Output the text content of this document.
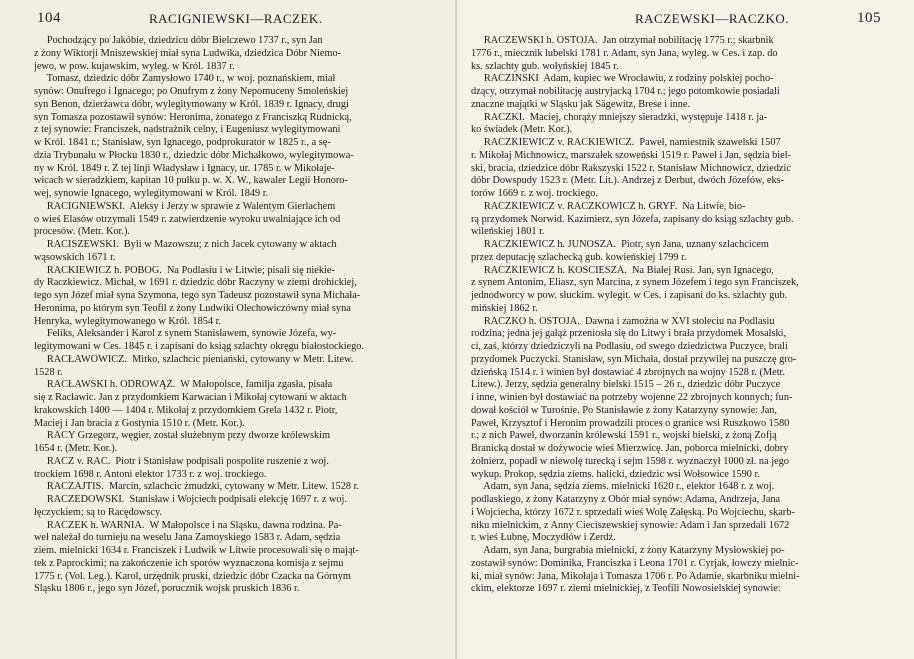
104	RACIGNIEWSKI—RACZEK.
Pochodzący po Jakóbie, dziedzicu dóbr Bielczewo 1737 r., syn Jan
z żony Wiktorji Mniszewskiej miał syna Ludwika, dziedzica Dóbr Niemo-
jewo, w pow. kujawskim, wyleg. w Król. 1837 r.
Tomasz, dziedzic dóbr Zamysłowo 1740 r., w woj. poznańskiem, miał
synów: Onufrego i Ignacego; po Onufrym z żony Nepomuceny Smoleńskiej
syn Benon, dzierżawca dóbr, wylegitymowany w Król. 1839 r. Ignacy, drugi
syn Tomasza pozostawił synów: Heronima, żonatego z Franciszką Rudnicką,
z tej synowie: Franciszek, nadstrażnik celny, i Eugeniusz wylegitymowani
w Król. 1841 r.; Stanisław, syn Ignacego, podprokurator w 1825 r., a sę-
dzia Trybunału w Płocku 1830 r., dziedzic dóbr Michałkowo, wylegitymowa-
ny w Król. 1849 r. Z tej linji Władysław i Ignacy, ur. 1785 r. w Mikołaje-
wicach w sieradzkiem, kapitan 10 pułku p. w. X. W., kawaler Legii Honoro-
wej, synowie Ignacego, wylegitymowani w Król. 1849 r.
RACIGNIEWSKI.  Aleksy i Jerzy w sprawie z Walentym Gierlachem
o wieś Elasów otrzymali 1549 r. zatwierdzenie wyroku uwalniające ich od
procesów. (Metr. Kor.).
RACISZEWSKI.  Byli w Mazowszu; z nich Jacek cytowany w aktach
wąsowskich 1671 r.
RACKIEWICZ h. POBÓG.  Na Podlasiu i w Litwie; pisali się niekie-
dy Raczkiewicz. Michał, w 1691 r. dziedzic dóbr Raczyny w ziemi drohickiej,
tego syn Józef miał syna Szymona, tego syn Tadeusz pozostawił syna Michała-
Heronima, po którym syn Teofil z żony Ludwiki Olechowiczówny miał syna
Henryka, wylegitymowanego w Król. 1854 r.
Feliks, Aleksander i Karol z synem Stanisławem, synowie Józefa, wy-
legitymowani w Ces. 1845 r. i zapisani do ksiąg szlachty okręgu białostockiego.
RACŁAWOWICZ.  Mitko, szlachcic pieniański, cytowany w Metr. Litew.
1528 r.
RACŁAWSKI h. ODROWĄŻ.  W Małopolsce, familja zgasła, pisała
się z Racławic. Jan z przydomkiem Karwacian i Mikołaj cytowani w aktach
krakowskich 1400 — 1404 r. Mikołaj z przydomkiem Grela 1432 r. Piotr,
Maciej i Jan bracia z Gostynia 1510 r. (Metr. Kor.).
RACY Grzegorz, węgier, został służebnym przy dworze królewskim
1654 r. (Metr. Kor.).
RACZ v. RAC.  Piotr i Stanisław podpisali pospolite ruszenie z woj.
trockiem 1698 r. Antoni elektor 1733 r. z woj. trockiego.
RACZAJTIS.  Marcin, szlachcic żmudzki, cytowany w Metr. Litew. 1528 r.
RACZEDOWSKI.  Stanisław i Wojciech podpisali elekcję 1697 r. z woj.
łęczyckiem; są to Racędowscy.
RACZEK h. WARNIA.  W Małopolsce i na Śląsku, dawna rodzina. Pa-
weł należał do turnieju na weselu Jana Zamoyskiego 1583 r. Adam, sędzia
ziem. mielnicki 1634 r. Franciszek i Ludwik w Litwie procesowali się o mająt-
tek z Paprockimi; na zakończenie ich sporów wyznaczona komisja z sejmu
1775 r. (Vol. Leg.). Karol, urzędnik pruski, dziedzic dóbr Czacka na Górnym
Śląsku 1806 r., jego syn Józef, porucznik wojsk pruskich 1836 r.
RACZEWSKI—RACZKO.	105
RACZEWSKI h. OSTOJA.  Jan otrzymał nobilitację 1775 r.; skarbnik
1776 r., miecznik lubelski 1781 r. Adam, syn Jana, wyleg. w Ces. i zap. do
ks. szlachty gub. wołyńskiej 1845 r.
RACZIŃSKI  Adam, kupiec we Wrocławiu, z rodziny polskiej pocho-
dzący, otrzymał nobilitację austryjacką 1704 r.; jego potomkowie posiadali
znaczne majątki w Śląsku jak Sägewitz, Brese i inne.
RACZKI.  Maciej, chorąży mniejszy sieradzki, występuje 1418 r. ja-
ko świadek (Metr. Kor.).
RACZKIEWICZ v. RACKIEWICZ.  Paweł, namiestnik szawelski 1507
r. Mikołaj Michnowicz, marszałek szoweński 1519 r. Paweł i Jan, sędzia biel-
ski, bracia, dziedzice dóbr Rakszyski 1522 r. Stanisław Michnowicz, dziedzic
dóbr Dowspudy 1523 r. (Metr. Lit.). Andrzej z Derbut, dwóch Józefów, eks-
torów 1669 r. z woj. trockiego.
RACZKIEWICZ v. RACZKOWICZ h. GRYF.  Na Litwie, bio-
rą przydomek Norwid. Kazimierz, syn Józefa, zapisany do ksiąg szlachty gub.
wileńskiej 1801 r.
RACZKIEWICZ h. JUNOSZA.  Piotr, syn Jana, uznany szlachcicem
przez deputację szlachecką gub. kowieńskiej 1799 r.
RACZKIEWICZ h. KOŚCIESZA.  Na Białej Rusi. Jan, syn Ignacego,
z synem Antonim, Eliasz, syn Marcina, z synem Józefem i tego syn Franciszek,
jednodworcy w pow. słuckim. wylegit. w Ces. i zapisani do ks. szlachty gub.
mińskiej 1862 r.
RACZKO h. OSTOJA.  Dawna i zamożna w XVI stoleciu na Podlasiu
rodzina; jedna jej gałąź przeniosła się do Litwy i brała przydomek Mosalski,
ci, zaś, którzy dziedziczyli na Podlasiu, od swego dziedzictwa Puczyce, brali
przydomek Puczycki. Stanisław, syn Michała, dostał przywilej na puszczę gro-
dzieńską 1514 r. i winien był dostawiać 4 zbrojnych na wojny 1528 r. (Metr.
Litew.). Jerzy, sędzia generalny bielski 1515 – 26 r., dziedzic dóbr Puczyce
i inne, winien był dostawiać na potrzeby wojenne 22 zbrojnych konnych; fun-
dował kościół w Turośnie. Po Stanisławie z żony Katarzyny synowie: Jan,
Paweł, Krzysztof i Heronim prowadzili proces o granice wsi Ruszkowo 1580
r.; z nich Paweł, dworzanin królewski 1591 r., wojski bielski, z żoną Zofją
Branicką dostał w dożywocie wieś Mierzwicę. Jan, poborca mielnicki, dobry
żołnierz, popadł w niewolę turecką i sejm 1598 r. wyznaczył 1000 zł. na jego
wykup. Prokop, sędzia ziems. halicki, dziedzic wsi Wołsowice 1590 r.
Adam, syn Jana, sędzia ziems. mielnicki 1620 r., elektor 1648 r. z woj.
podlaskiego, z żony Katarzyny z Obór miał synów: Adama, Andrzeja, Jana
i Wojciecha, którzy 1672 r. sprzedali wieś Wolę Załęską. Po Wojciechu, skarb-
niku mielnickim, z Anny Cieciszewskiej synowie: Adam i Jan sprzedali 1672
r. wieś Łubnę, Moczydłów i Zerdź.
Adam, syn Jana, burgrabia mielnicki, z żony Katarzyny Mysłowskiej po-
zostawił synów: Dominika, Franciszka i Leona 1701 r. Cyrjak, łowczy mielnic-
ki, miał synów: Jana, Mikołaja i Tomasza 1706 r. Po Adamie, skarbniku mielni-
ckim, elektorze 1697 r. ziemi mielnickiej, z Teofili Nowosielskiej synowie:
